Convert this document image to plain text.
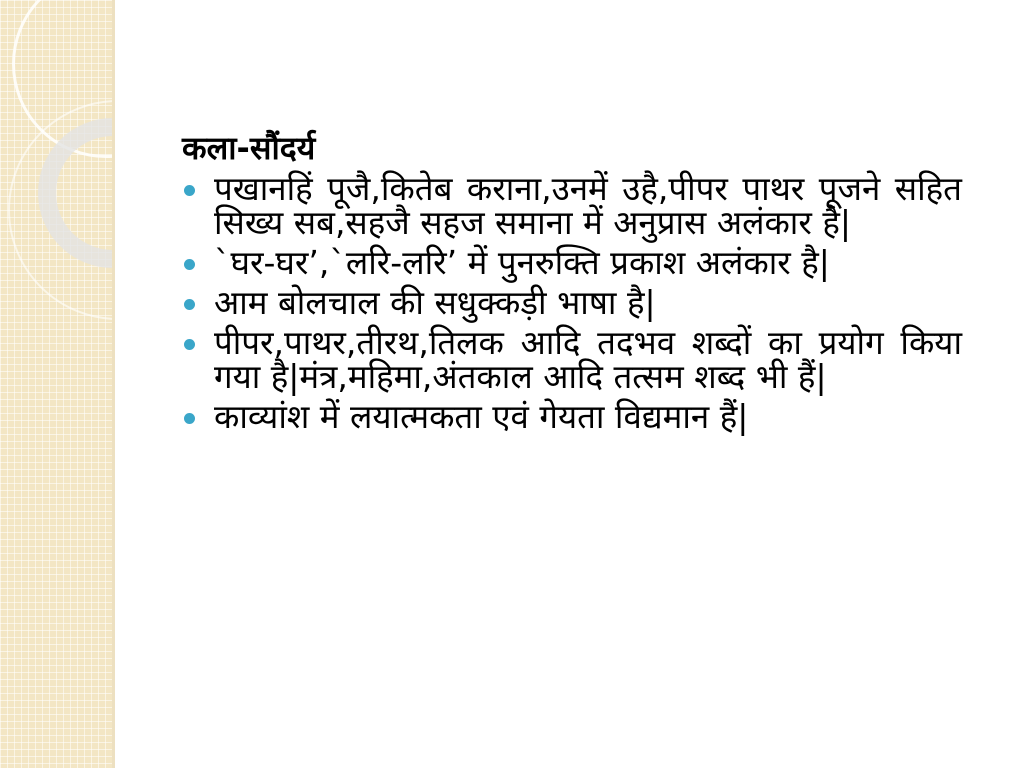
कला-सौंदर्य
पखानहिं पूजै,कितेब कराना,उनमें उहै,पीपर पाथर पूजने सहित सिख्य सब,सहजै सहज समाना में अनुप्रास अलंकार है|
`घर-घर’,`लरि-लरि’ में पुनरुक्ति प्रकाश अलंकार है|
आम बोलचाल की सधुक्कड़ी भाषा है|
पीपर,पाथर,तीरथ,तिलक आदि तदभव शब्दों का प्रयोग किया गया है|मंत्र,महिमा,अंतकाल आदि तत्सम शब्द भी हैं|
काव्यांश में लयात्मकता एवं गेयता विद्यमान हैं|
